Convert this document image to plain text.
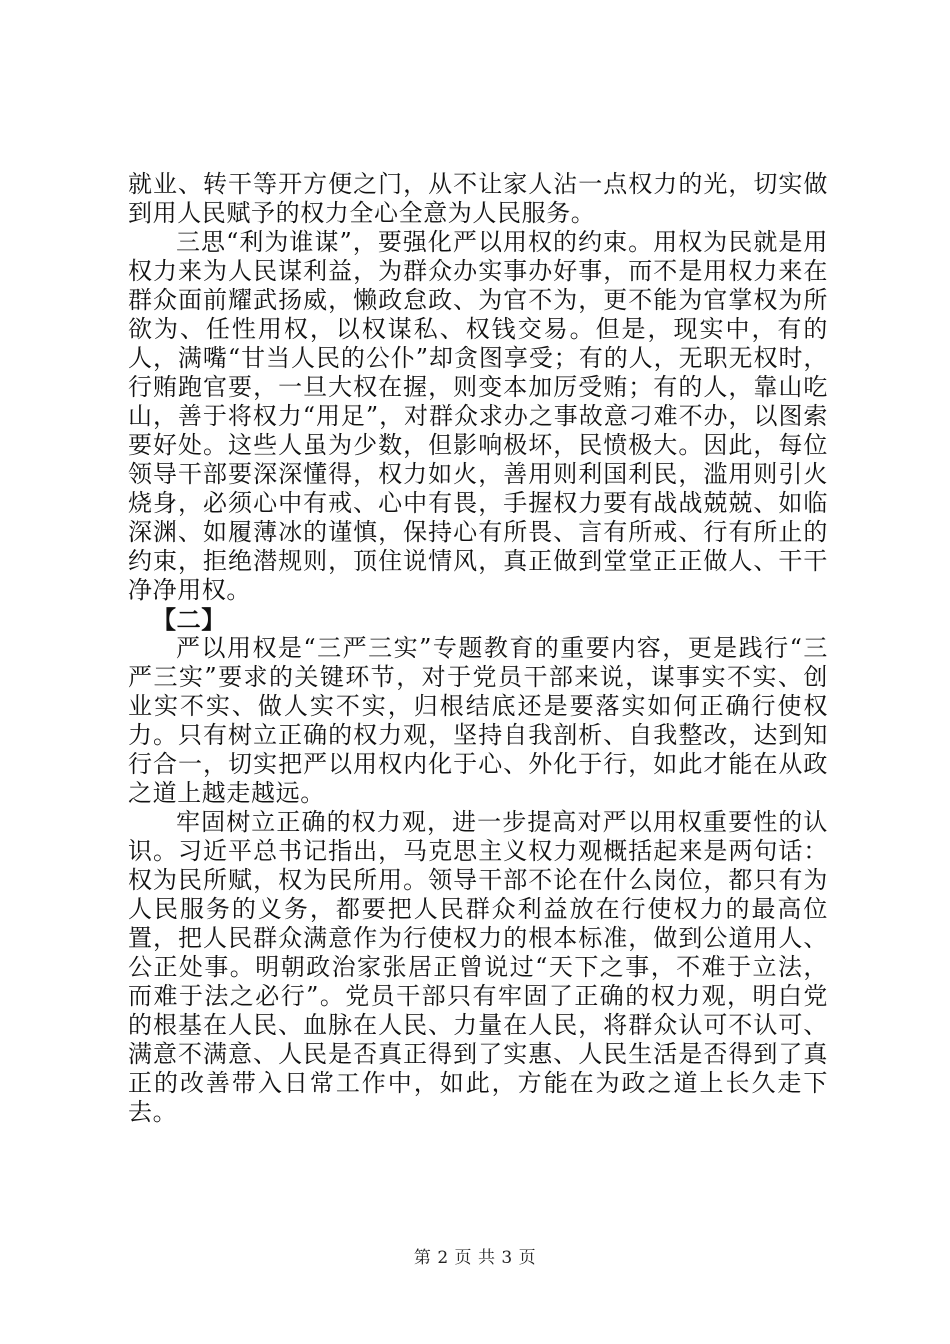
就业、转干等开方便之门，从不让家人沾一点权力的光，切实做到用人民赋予的权力全心全意为人民服务。

三思“利为谁谋”，要强化严以用权的约束。用权为民就是用权力来为人民谋利益，为群众办实事办好事，而不是用权力来在群众面前耀武扬威，懒政怠政、为官不为，更不能为官掌权为所欲为、任性用权，以权谋私、权钱交易。但是，现实中，有的人，满嘴“甘当人民的公仆”却贪图享受；有的人，无职无权时，行贿跑官要，一旦大权在握，则变本加厉受贿；有的人，靠山吃山，善于将权力“用足”，对群众求办之事故意刁难不办，以图索要好处。这些人虽为少数，但影响极坏，民愤极大。因此，每位领导干部要深深懂得，权力如火，善用则利国利民，滥用则引火烧身，必须心中有戒、心中有畏，手握权力要有战战兢兢、如临深渊、如履薄冰的谨慎，保持心有所畏、言有所戒、行有所止的约束，拒绝潜规则，顶住说情风，真正做到堂堂正正做人、干干净净用权。

【二】

严以用权是“三严三实”专题教育的重要内容，更是践行“三严三实”要求的关键环节，对于党员干部来说，谋事实不实、创业实不实、做人实不实，归根结底还是要落实如何正确行使权力。只有树立正确的权力观，坚持自我剖析、自我整改，达到知行合一，切实把严以用权内化于心、外化于行，如此才能在从政之道上越走越远。

牢固树立正确的权力观，进一步提高对严以用权重要性的认识。习近平总书记指出，马克思主义权力观概括起来是两句话：权为民所赋，权为民所用。领导干部不论在什么岗位，都只有为人民服务的义务，都要把人民群众利益放在行使权力的最高位置，把人民群众满意作为行使权力的根本标准，做到公道用人、公正处事。明朝政治家张居正曾说过“天下之事，不难于立法，而难于法之必行”。党员干部只有牢固了正确的权力观，明白党的根基在人民、血脉在人民、力量在人民，将群众认可不认可、满意不满意、人民是否真正得到了实惠、人民生活是否得到了真正的改善带入日常工作中，如此，方能在为政之道上长久走下去。

第 2 页 共 3 页
